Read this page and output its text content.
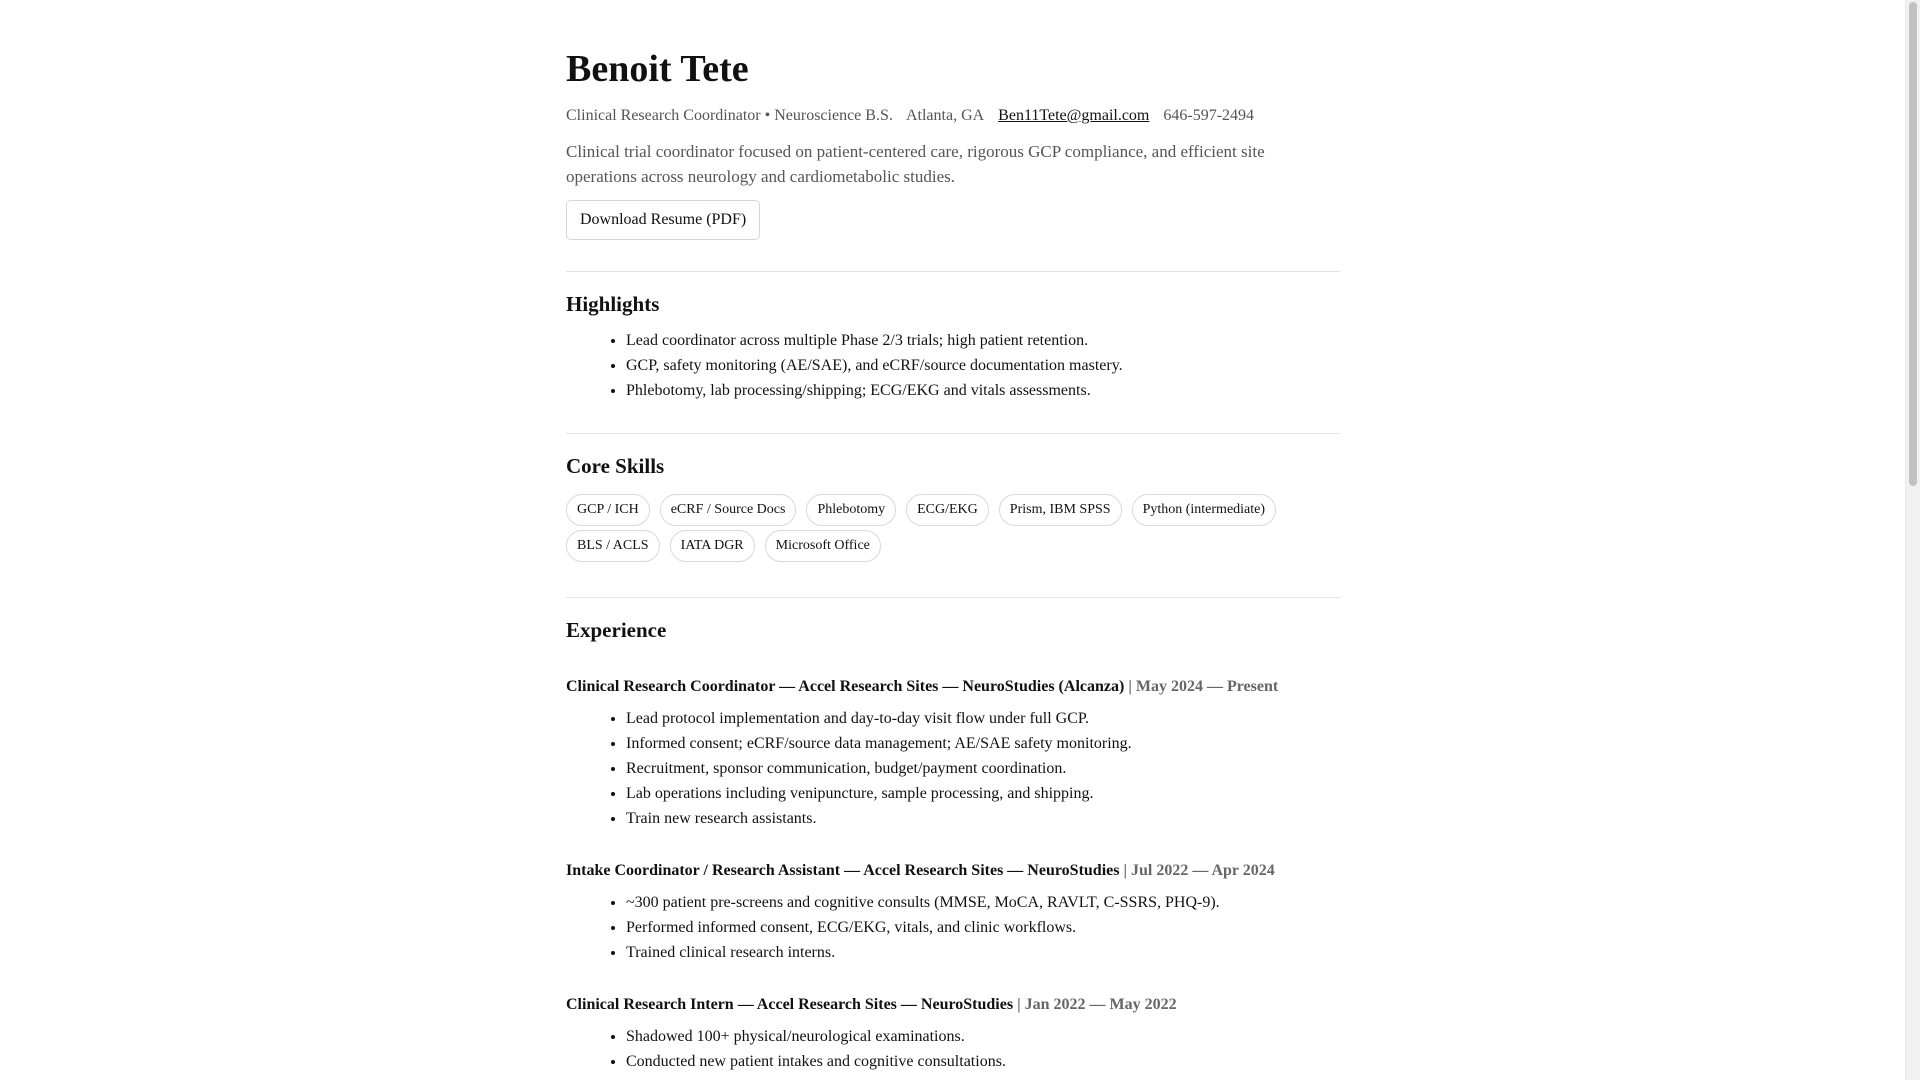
Benoit Tete
Clinical Research Coordinator • Neuroscience B.S. Atlanta, GA Ben11Tete@gmail.com 646-597-2494
Clinical trial coordinator focused on patient-centered care, rigorous GCP compliance, and efficient site operations across neurology and cardiometabolic studies.
Download Resume (PDF)
Highlights
• Lead coordinator across multiple Phase 2/3 trials; high patient retention.
• GCP, safety monitoring (AE/SAE), and eCRF/source documentation mastery.
• Phlebotomy, lab processing/shipping; ECG/EKG and vitals assessments.
Core Skills
GCP / ICH	eCRF / Source Docs	Phlebotomy	ECG/EKG	Prism, IBM SPSS	Python (intermediate)
BLS / ACLS	IATA DGR	Microsoft Office
Experience
Clinical Research Coordinator — Accel Research Sites — NeuroStudies (Alcanza) | May 2024 — Present
• Lead protocol implementation and day-to-day visit flow under full GCP.
• Informed consent; eCRF/source data management; AE/SAE safety monitoring.
• Recruitment, sponsor communication, budget/payment coordination.
• Lab operations including venipuncture, sample processing, and shipping.
• Train new research assistants.
Intake Coordinator / Research Assistant — Accel Research Sites — NeuroStudies | Jul 2022 — Apr 2024
• ~300 patient pre-screens and cognitive consults (MMSE, MoCA, RAVLT, C-SSRS, PHQ-9).
• Performed informed consent, ECG/EKG, vitals, and clinic workflows.
• Trained clinical research interns.
Clinical Research Intern — Accel Research Sites — NeuroStudies | Jan 2022 — May 2022
• Shadowed 100+ physical/neurological examinations.
• Conducted new patient intakes and cognitive consultations.
